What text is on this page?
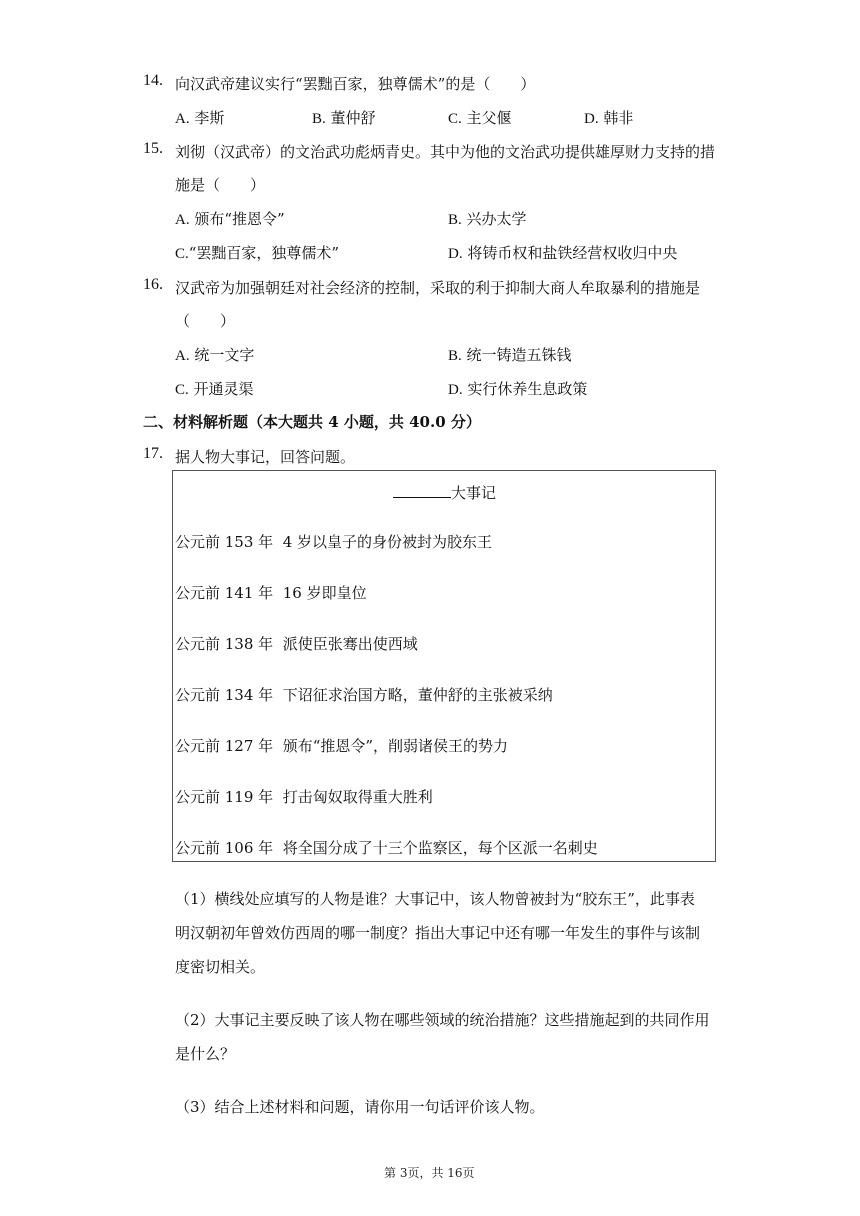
14. 向汉武帝建议实行“罢黜百家，独尊儒术”的是（　　）
A. 李斯	B. 董仲舒	C. 主父偃	D. 韩非
15. 刘彻（汉武帝）的文治武功彪炳青史。其中为他的文治武功提供雄厚财力支持的措
施是（　　）
A. 颁布“推恩令”	B. 兴办太学
C.“罢黜百家，独尊儒术”	D. 将铸币权和盐铁经营权收归中央
16. 汉武帝为加强朝廷对社会经济的控制，采取的利于抑制大商人牟取暴利的措施是
（　　）
A. 统一文字	B. 统一铸造五铢钱
C. 开通灵渠	D. 实行休养生息政策
二、材料解析题（本大题共 4 小题，共 40.0 分）
17. 据人物大事记，回答问题。
大事记
公元前 153 年 4 岁以皇子的身份被封为胶东王
公元前 141 年 16 岁即皇位
公元前 138 年 派使臣张骞出使西域
公元前 134 年 下诏征求治国方略，董仲舒的主张被采纳
公元前 127 年 颁布“推恩令”，削弱诸侯王的势力
公元前 119 年 打击匈奴取得重大胜利
公元前 106 年 将全国分成了十三个监察区，每个区派一名刺史
（1）横线处应填写的人物是谁？大事记中，该人物曾被封为“胶东王”，此事表
明汉朝初年曾效仿西周的哪一制度？指出大事记中还有哪一年发生的事件与该制
度密切相关。
（2）大事记主要反映了该人物在哪些领域的统治措施？这些措施起到的共同作用
是什么？
（3）结合上述材料和问题，请你用一句话评价该人物。
第 3页，共 16页
